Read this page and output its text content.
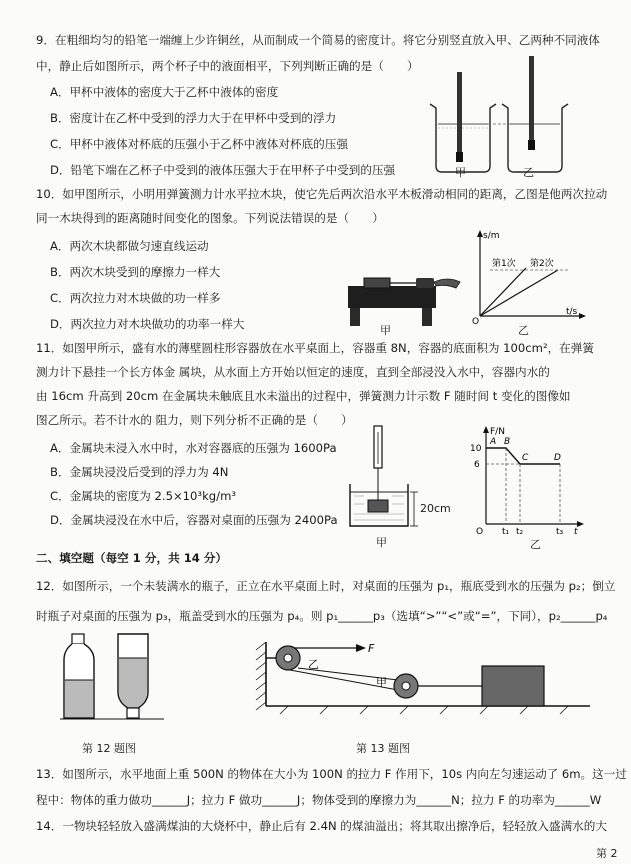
9．在粗细均匀的铅笔一端缠上少许铜丝，从而制成一个简易的密度计。将它分别竖直放入甲、乙两种不同液体
中，静止后如图所示，两个杯子中的液面相平，下列判断正确的是（　　）
A．甲杯中液体的密度大于乙杯中液体的密度
B．密度计在乙杯中受到的浮力大于在甲杯中受到的浮力
C．甲杯中液体对杯底的压强小于乙杯中液体对杯底的压强
D．铅笔下端在乙杯子中受到的液体压强大于在甲杯子中受到的压强	甲	乙
10．如甲图所示，小明用弹簧测力计水平拉木块，使它先后两次沿水平木板滑动相同的距离，乙图是他两次拉动
同一木块得到的距离随时间变化的图象。下列说法错误的是（　　）
A．两次木块都做匀速直线运动
B．两次木块受到的摩擦力一样大
C．两次拉力对木块做的功一样多
D．两次拉力对木块做功的功率一样大	甲
s/m
t/s
O
第1次 第2次
乙
11．如图甲所示，盛有水的薄壁圆柱形容器放在水平桌面上，容器重 8N，容器的底面积为 100cm²，在弹簧
测力计下悬挂一个长方体金 属块，从水面上方开始以恒定的速度，直到全部浸没入水中，容器内水的
由 16cm 升高到 20cm 在金属块未触底且水未溢出的过程中，弹簧测力计示数 F 随时间 t 变化的图像如
图乙所示。若不计水的 阻力，则下列分析不正确的是（　　）
A．金属块未浸入水中时，水对容器底的压强为 1600Pa
B．金属块浸没后受到的浮力为 4N
C．金属块的密度为 2.5×10³kg/m³
D．金属块浸没在水中后，容器对桌面的压强为 2400Pa
20cm
甲
F/N
10
6
A B
C	D
O t₁ t₂	t₃ t
乙
二、填空题（每空 1 分，共 14 分）
12．如图所示，一个未装满水的瓶子，正立在水平桌面上时，对桌面的压强为 p₁，瓶底受到水的压强为 p₂；倒立
时瓶子对桌面的压强为 p₃，瓶盖受到水的压强为 p₄。则 p₁______p₃（选填“>”“<”或“=”，下同），p₂______p₄
第 12 题图
乙
F
甲
第 13 题图
13．如图所示，水平地面上重 500N 的物体在大小为 100N 的拉力 F 作用下，10s 内向左匀速运动了 6m。这一过
程中：物体的重力做功______J；拉力 F 做功______J；物体受到的摩擦力为______N；拉力 F 的功率为______W
14．一物块轻轻放入盛满煤油的大烧杯中，静止后有 2.4N 的煤油溢出；将其取出擦净后，轻轻放入盛满水的大
第 2
